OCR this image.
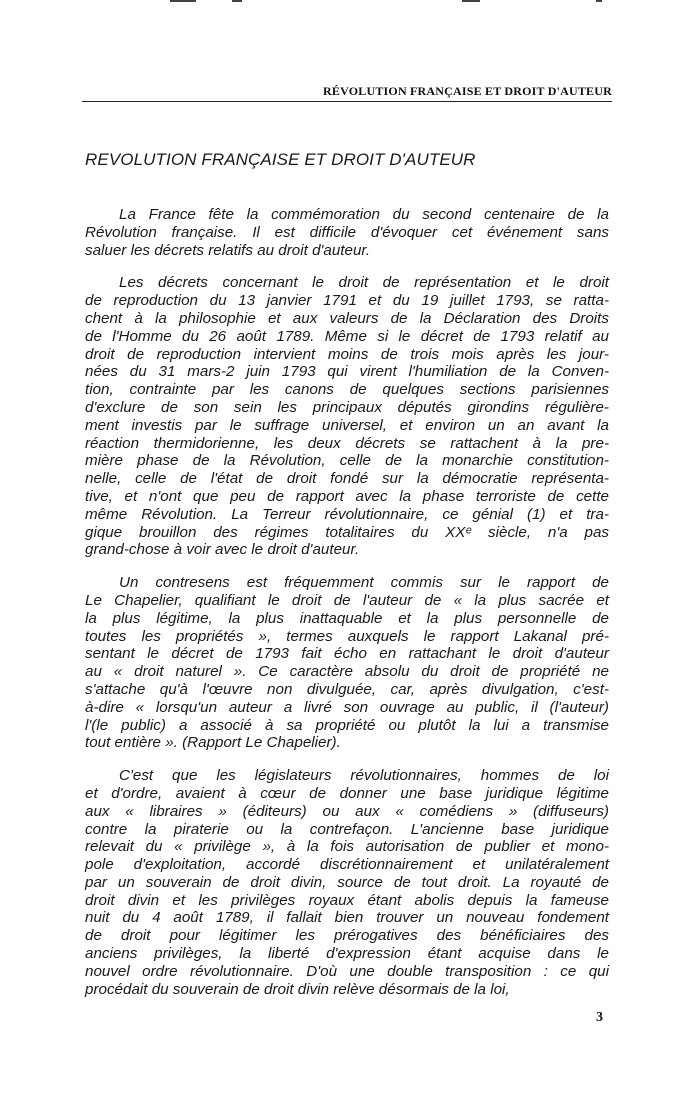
RÉVOLUTION FRANÇAISE ET DROIT D'AUTEUR
REVOLUTION FRANÇAISE ET DROIT D'AUTEUR
La France fête la commémoration du second centenaire de la
Révolution française. Il est difficile d'évoquer cet événement sans
saluer les décrets relatifs au droit d'auteur.
Les décrets concernant le droit de représentation et le droit
de reproduction du 13 janvier 1791 et du 19 juillet 1793, se ratta-
chent à la philosophie et aux valeurs de la Déclaration des Droits
de l'Homme du 26 août 1789. Même si le décret de 1793 relatif au
droit de reproduction intervient moins de trois mois après les jour-
nées du 31 mars-2 juin 1793 qui virent l'humiliation de la Conven-
tion, contrainte par les canons de quelques sections parisiennes
d'exclure de son sein les principaux députés girondins régulière-
ment investis par le suffrage universel, et environ un an avant la
réaction thermidorienne, les deux décrets se rattachent à la pre-
mière phase de la Révolution, celle de la monarchie constitution-
nelle, celle de l'état de droit fondé sur la démocratie représenta-
tive, et n'ont que peu de rapport avec la phase terroriste de cette
même Révolution. La Terreur révolutionnaire, ce génial (1) et tra-
gique brouillon des régimes totalitaires du XXᵉ siècle, n'a pas
grand-chose à voir avec le droit d'auteur.
Un contresens est fréquemment commis sur le rapport de
Le Chapelier, qualifiant le droit de l'auteur de « la plus sacrée et
la plus légitime, la plus inattaquable et la plus personnelle de
toutes les propriétés », termes auxquels le rapport Lakanal pré-
sentant le décret de 1793 fait écho en rattachant le droit d'auteur
au « droit naturel ». Ce caractère absolu du droit de propriété ne
s'attache qu'à l'œuvre non divulguée, car, après divulgation, c'est-
à-dire « lorsqu'un auteur a livré son ouvrage au public, il (l'auteur)
l'(le public) a associé à sa propriété ou plutôt la lui a transmise
tout entière ». (Rapport Le Chapelier).
C'est que les législateurs révolutionnaires, hommes de loi
et d'ordre, avaient à cœur de donner une base juridique légitime
aux « libraires » (éditeurs) ou aux « comédiens » (diffuseurs)
contre la piraterie ou la contrefaçon. L'ancienne base juridique
relevait du « privilège », à la fois autorisation de publier et mono-
pole d'exploitation, accordé discrétionnairement et unilatéralement
par un souverain de droit divin, source de tout droit. La royauté de
droit divin et les privilèges royaux étant abolis depuis la fameuse
nuit du 4 août 1789, il fallait bien trouver un nouveau fondement
de droit pour légitimer les prérogatives des bénéficiaires des
anciens privilèges, la liberté d'expression étant acquise dans le
nouvel ordre révolutionnaire. D'où une double transposition : ce qui
procédait du souverain de droit divin relève désormais de la loi,
3
